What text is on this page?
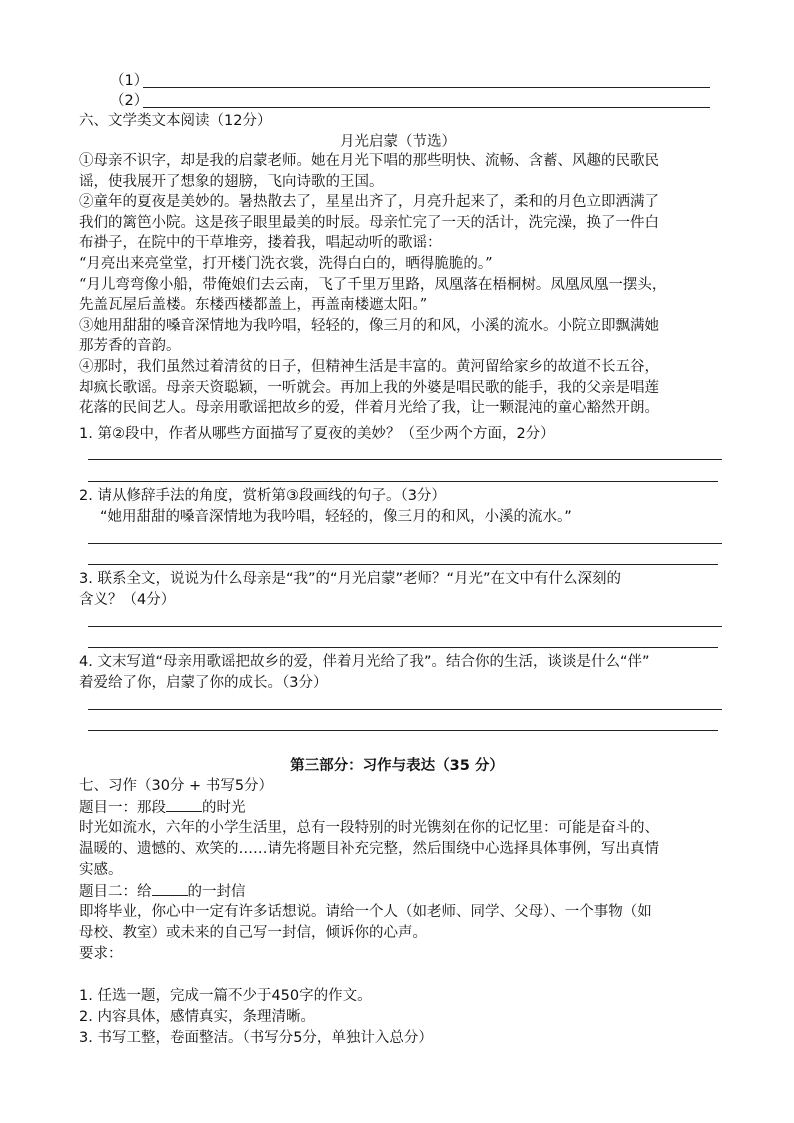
（1）
（2）
六、文学类文本阅读（12分）
月光启蒙（节选）
①母亲不识字，却是我的启蒙老师。她在月光下唱的那些明快、流畅、含蓄、风趣的民歌民
谣，使我展开了想象的翅膀，飞向诗歌的王国。
②童年的夏夜是美妙的。暑热散去了，星星出齐了，月亮升起来了，柔和的月色立即洒满了
我们的篱笆小院。这是孩子眼里最美的时辰。母亲忙完了一天的活计，洗完澡，换了一件白
布褂子，在院中的干草堆旁，搂着我，唱起动听的歌谣：
“月亮出来亮堂堂，打开楼门洗衣裳，洗得白白的，晒得脆脆的。”
“月儿弯弯像小船，带俺娘们去云南，飞了千里万里路，凤凰落在梧桐树。凤凰凤凰一摆头，
先盖瓦屋后盖楼。东楼西楼都盖上，再盖南楼遮太阳。”
③她用甜甜的嗓音深情地为我吟唱，轻轻的，像三月的和风，小溪的流水。小院立即飘满她
那芳香的音韵。
④那时，我们虽然过着清贫的日子，但精神生活是丰富的。黄河留给家乡的故道不长五谷，
却疯长歌谣。母亲天资聪颖，一听就会。再加上我的外婆是唱民歌的能手，我的父亲是唱莲
花落的民间艺人。母亲用歌谣把故乡的爱，伴着月光给了我，让一颗混沌的童心豁然开朗。
1. 第②段中，作者从哪些方面描写了夏夜的美妙？（至少两个方面，2分）
2. 请从修辞手法的角度，赏析第③段画线的句子。（3分）
“她用甜甜的嗓音深情地为我吟唱，轻轻的，像三月的和风，小溪的流水。”
3. 联系全文，说说为什么母亲是“我”的“月光启蒙”老师？“月光”在文中有什么深刻的
含义？（4分）
4. 文末写道“母亲用歌谣把故乡的爱，伴着月光给了我”。结合你的生活，谈谈是什么“伴”
着爱给了你，启蒙了你的成长。（3分）
第三部分：习作与表达（35 分）
七、习作（30分 + 书写5分）
题目一：那段 的时光
时光如流水，六年的小学生活里，总有一段特别的时光镌刻在你的记忆里：可能是奋斗的、
温暖的、遗憾的、欢笑的……请先将题目补充完整，然后围绕中心选择具体事例，写出真情
实感。
题目二：给 的一封信
即将毕业，你心中一定有许多话想说。请给一个人（如老师、同学、父母）、一个事物（如
母校、教室）或未来的自己写一封信，倾诉你的心声。
要求：
1. 任选一题，完成一篇不少于450字的作文。
2. 内容具体，感情真实，条理清晰。
3. 书写工整，卷面整洁。（书写分5分，单独计入总分）
